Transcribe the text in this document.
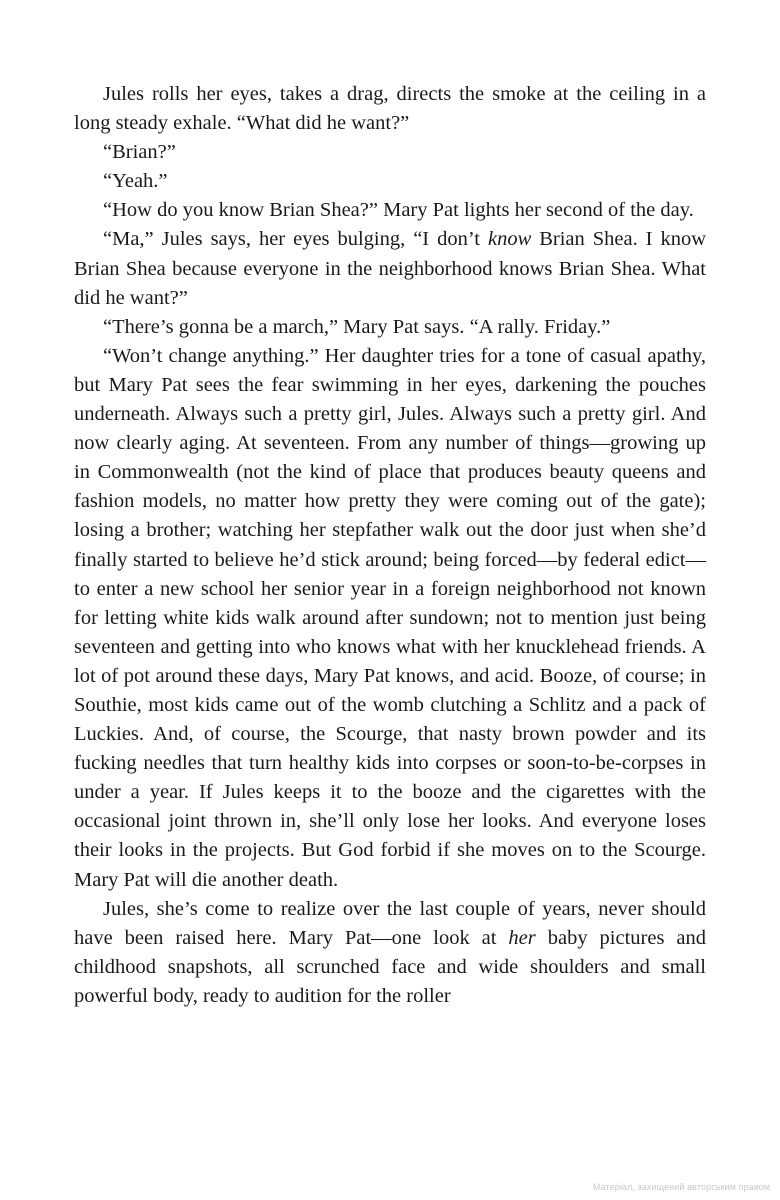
Jules rolls her eyes, takes a drag, directs the smoke at the ceiling in a long steady exhale. “What did he want?”

“Brian?”

“Yeah.”

“How do you know Brian Shea?” Mary Pat lights her second of the day.

“Ma,” Jules says, her eyes bulging, “I don’t know Brian Shea. I know Brian Shea because everyone in the neighborhood knows Brian Shea. What did he want?”

“There’s gonna be a march,” Mary Pat says. “A rally. Friday.”

“Won’t change anything.” Her daughter tries for a tone of casual apathy, but Mary Pat sees the fear swimming in her eyes, darkening the pouches underneath. Always such a pretty girl, Jules. Always such a pretty girl. And now clearly aging. At seventeen. From any number of things—growing up in Commonwealth (not the kind of place that produces beauty queens and fashion models, no matter how pretty they were coming out of the gate); losing a brother; watching her stepfather walk out the door just when she’d finally started to believe he’d stick around; being forced—by federal edict—to enter a new school her senior year in a foreign neighborhood not known for letting white kids walk around after sundown; not to mention just being seventeen and getting into who knows what with her knucklehead friends. A lot of pot around these days, Mary Pat knows, and acid. Booze, of course; in Southie, most kids came out of the womb clutching a Schlitz and a pack of Luckies. And, of course, the Scourge, that nasty brown powder and its fucking needles that turn healthy kids into corpses or soon-to-be-corpses in under a year. If Jules keeps it to the booze and the cigarettes with the occasional joint thrown in, she’ll only lose her looks. And everyone loses their looks in the projects. But God forbid if she moves on to the Scourge. Mary Pat will die another death.

Jules, she’s come to realize over the last couple of years, never should have been raised here. Mary Pat—one look at her baby pictures and childhood snapshots, all scrunched face and wide shoulders and small powerful body, ready to audition for the roller

Матеріал, захищений авторським правом
